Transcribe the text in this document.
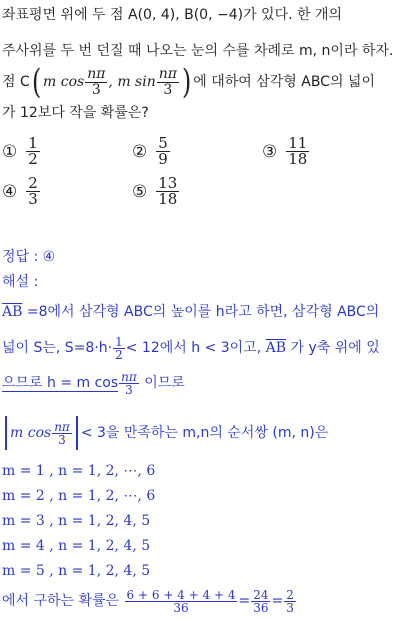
좌표평면 위에 두 점 A(0, 4), B(0, −4)가 있다. 한 개의
주사위를 두 번 던질 때 나오는 눈의 수를 차례로 m, n이라 하자.
점 C( m $\cos \frac{n\pi}{3}$ , m $\sin \frac{n\pi}{3}$ ) 에 대하여 삼각형 ABC의 넓이
가 12보다 작을 확률은?
① $\frac{1}{2}$	② $\frac{5}{9}$	③ $\frac{11}{18}$
④ $\frac{2}{3}$	⑤ $\frac{13}{18}$
정답 : ④
해설 :
$\overline{AB} =8$에서 삼각형 ABC의 높이를 h라고 하면, 삼각형 ABC의
넓이 S는, $S=8\cdot h\cdot \frac{1}{2} < 12$에서 h < 3이고, $\overline{AB}$ 가 y축 위에 있
으므로 h = m $\cos \frac{n\pi}{3}$ 이므로
m $\cos \frac{n\pi}{3} < 3$을 만족하는 m,n의 순서쌍 (m, n)은
m = 1 , n = 1, 2, ⋯, 6
m = 2 , n = 1, 2, ⋯, 6
m = 3 , n = 1, 2, 4, 5
m = 4 , n = 1, 2, 4, 5
m = 5 , n = 1, 2, 4, 5
에서 구하는 확률은 $\frac{6 + 6 + 4 + 4 + 4}{36} = \frac{24}{36} = \frac{2}{3}$
